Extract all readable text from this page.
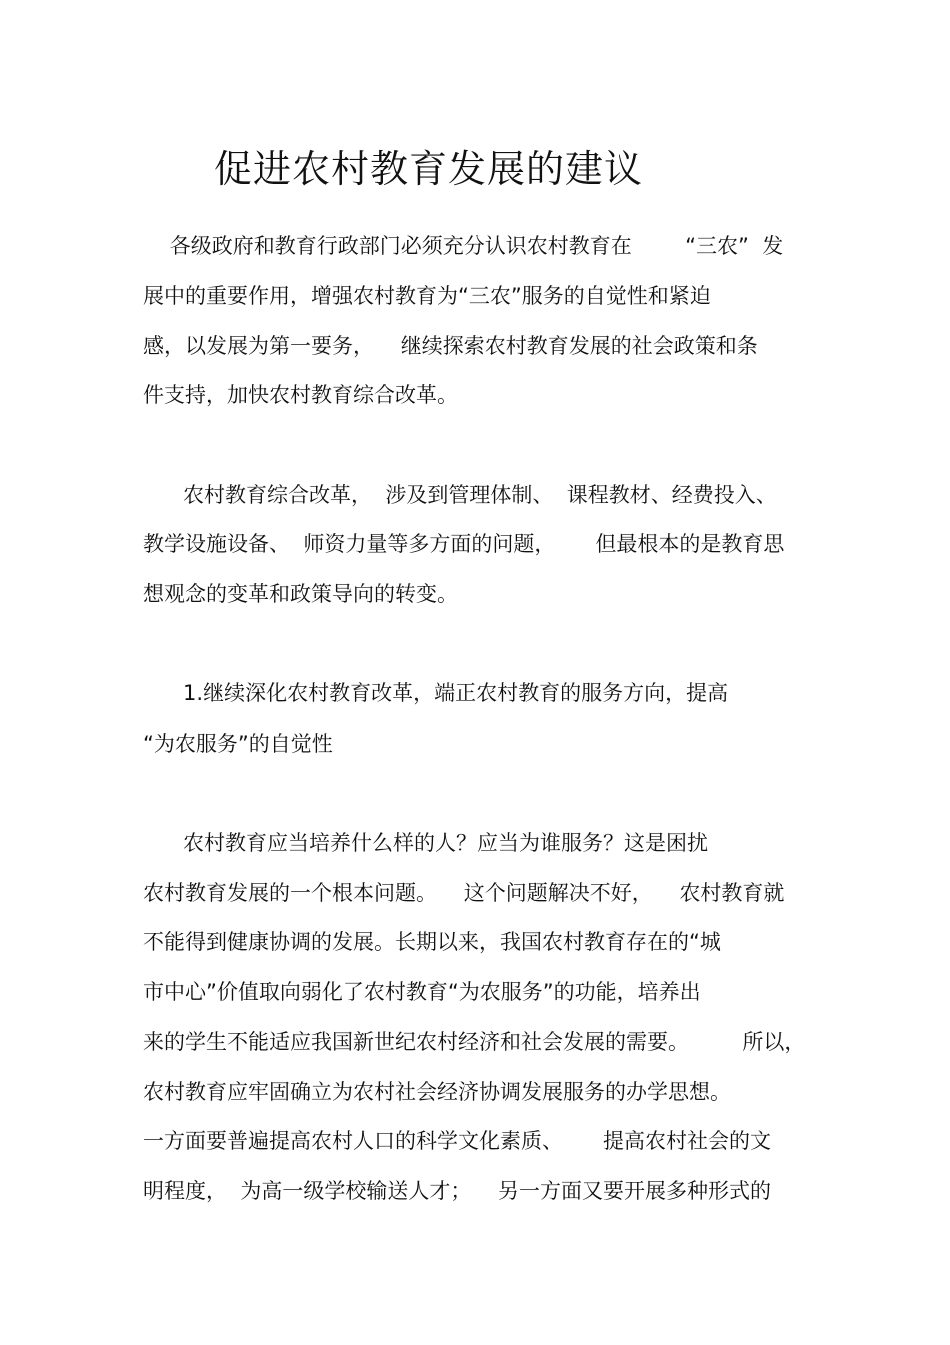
促进农村教育发展的建议
各级政府和教育行政部门必须充分认识农村教育在        “三农”  发
展中的重要作用，增强农村教育为“三农”服务的自觉性和紧迫
感，以发展为第一要务，    继续探索农村教育发展的社会政策和条
件支持，加快农村教育综合改革。
农村教育综合改革，  涉及到管理体制、  课程教材、经费投入、
教学设施设备、  师资力量等多方面的问题，      但最根本的是教育思
想观念的变革和政策导向的转变。
1.继续深化农村教育改革，端正农村教育的服务方向，提高
“为农服务”的自觉性
农村教育应当培养什么样的人？应当为谁服务？这是困扰
农村教育发展的一个根本问题。    这个问题解决不好，    农村教育就
不能得到健康协调的发展。长期以来，我国农村教育存在的“城
市中心”价值取向弱化了农村教育“为农服务”的功能，培养出
来的学生不能适应我国新世纪农村经济和社会发展的需要。        所以，
农村教育应牢固确立为农村社会经济协调发展服务的办学思想。
一方面要普遍提高农村人口的科学文化素质、      提高农村社会的文
明程度，  为高一级学校输送人才；    另一方面又要开展多种形式的
